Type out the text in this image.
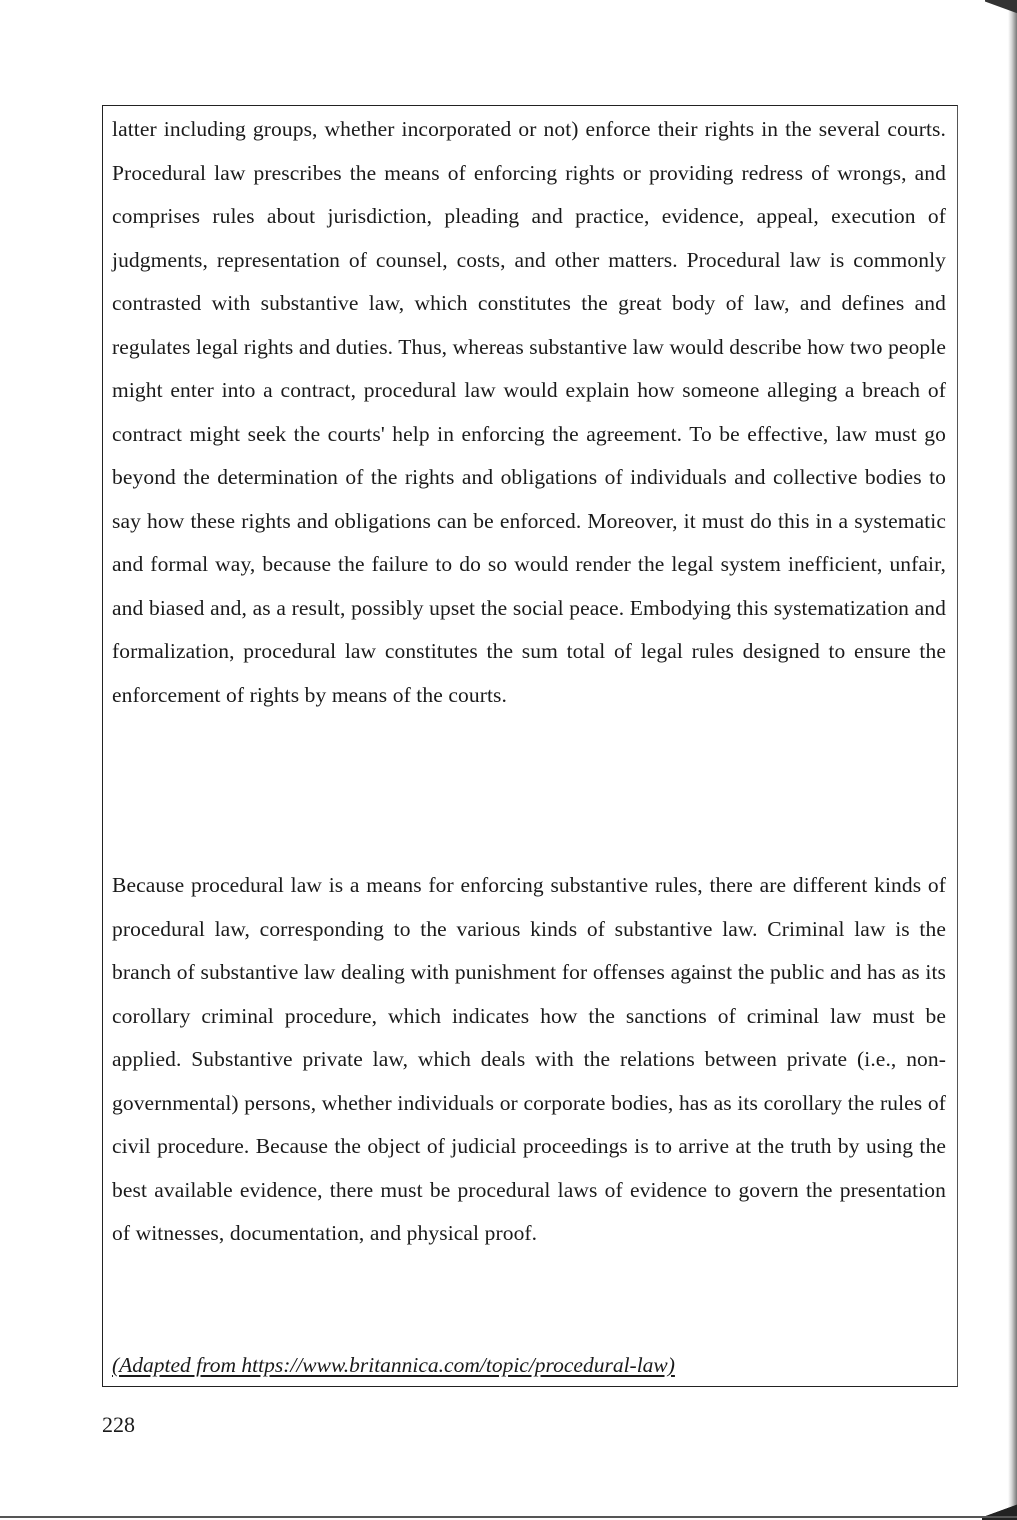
latter including groups, whether incorporated or not) enforce their rights in the several courts. Procedural law prescribes the means of enforcing rights or providing redress of wrongs, and comprises rules about jurisdiction, pleading and practice, evidence, appeal, execution of judgments, representation of counsel, costs, and other matters. Procedural law is commonly contrasted with substantive law, which constitutes the great body of law, and defines and regulates legal rights and duties. Thus, whereas substantive law would describe how two people might enter into a contract, procedural law would explain how someone alleging a breach of contract might seek the courts' help in enforcing the agreement. To be effective, law must go beyond the determination of the rights and obligations of individuals and collective bodies to say how these rights and obligations can be enforced. Moreover, it must do this in a systematic and formal way, because the failure to do so would render the legal system inefficient, unfair, and biased and, as a result, possibly upset the social peace. Embodying this systematization and formalization, procedural law constitutes the sum total of legal rules designed to ensure the enforcement of rights by means of the courts.

Because procedural law is a means for enforcing substantive rules, there are different kinds of procedural law, corresponding to the various kinds of substantive law. Criminal law is the branch of substantive law dealing with punishment for offenses against the public and has as its corollary criminal procedure, which indicates how the sanctions of criminal law must be applied. Substantive private law, which deals with the relations between private (i.e., non-governmental) persons, whether individuals or corporate bodies, has as its corollary the rules of civil procedure. Because the object of judicial proceedings is to arrive at the truth by using the best available evidence, there must be procedural laws of evidence to govern the presentation of witnesses, documentation, and physical proof.

(Adapted from https://www.britannica.com/topic/procedural-law)

228
